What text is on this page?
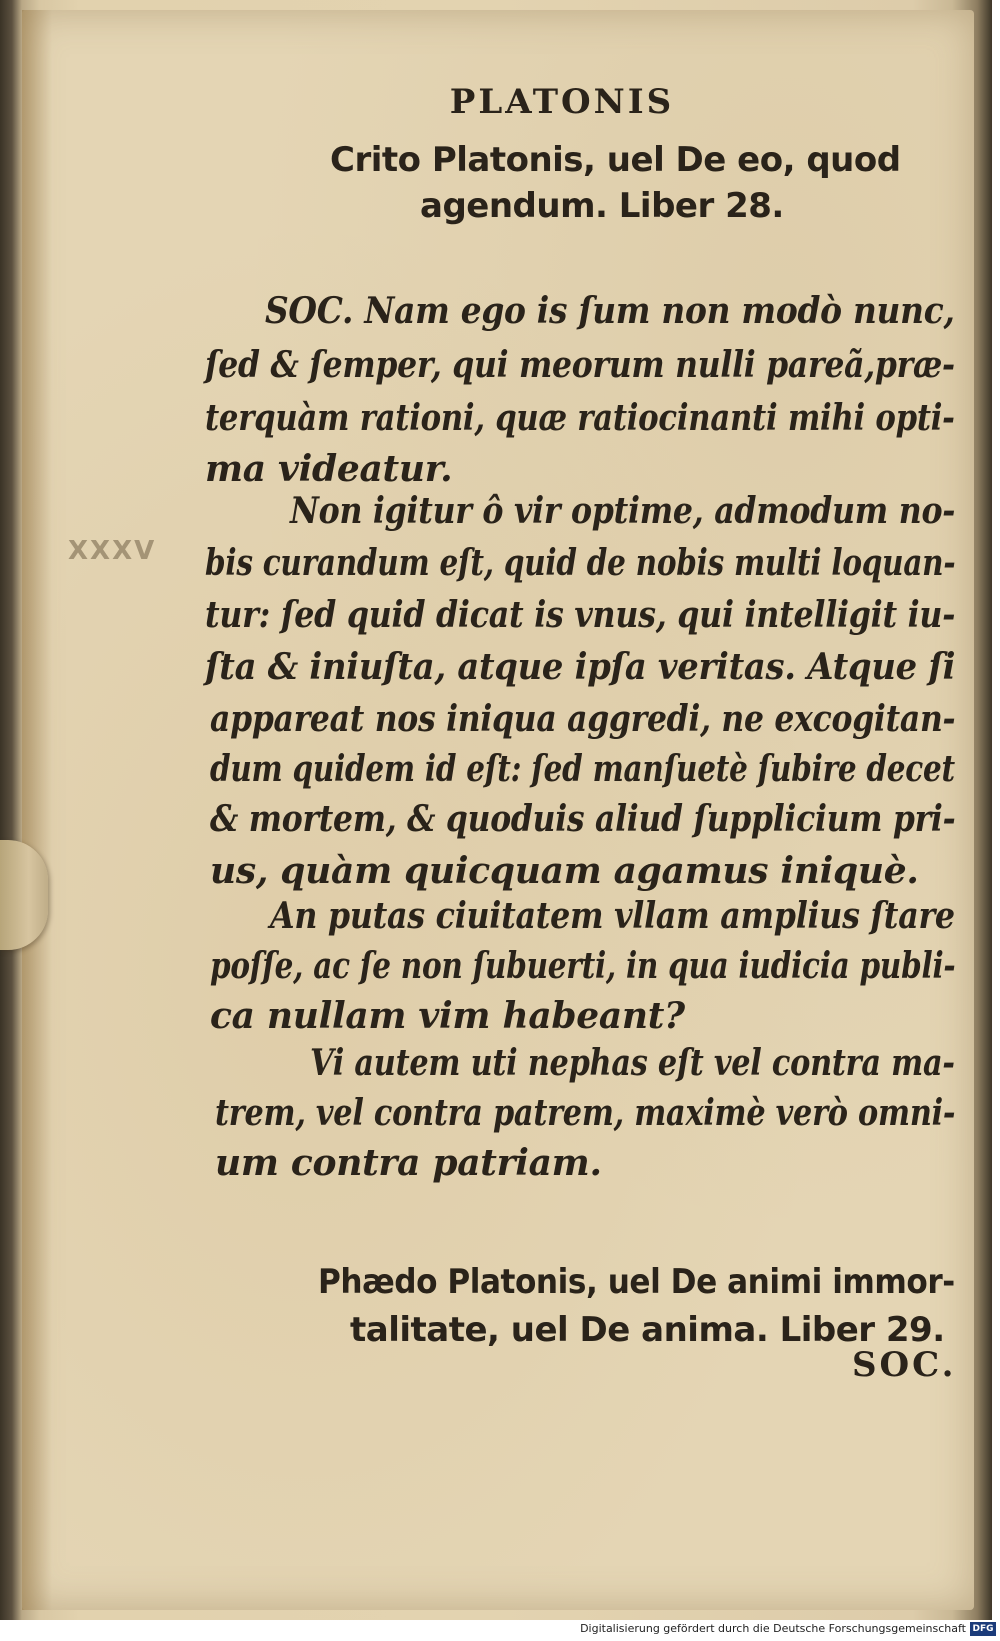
PLATONIS
Crito Platonis, uel De eo, quod
agendum. Liber 28.
SOC. Nam ego is ſum non modò nunc,
ſed & ſemper, qui meorum nulli pareã,præ-
terquàm rationi, quæ ratiocinanti mihi opti-
ma videatur.
Non igitur ô vir optime, admodum no-
bis curandum eſt, quid de nobis multi loquan-
tur: ſed quid dicat is vnus, qui intelligit iu-
ſta & iniuſta, atque ipſa veritas. Atque ſi
appareat nos iniqua aggredi, ne excogitan-
dum quidem id eſt: ſed manſuetè ſubire decet
& mortem, & quoduis aliud ſupplicium pri-
us, quàm quicquam agamus iniquè.
An putas ciuitatem vllam amplius ſtare
poſſe, ac ſe non ſubuerti, in qua iudicia publi-
ca nullam vim habeant?
Vi autem uti nephas eſt vel contra ma-
trem, vel contra patrem, maximè verò omni-
um contra patriam.
XXXV
Phædo Platonis, uel De animi immor-
talitate, uel De anima. Liber 29.
SOC.
Digitalisierung gefördert durch die Deutsche Forschungsgemeinschaft DFG
